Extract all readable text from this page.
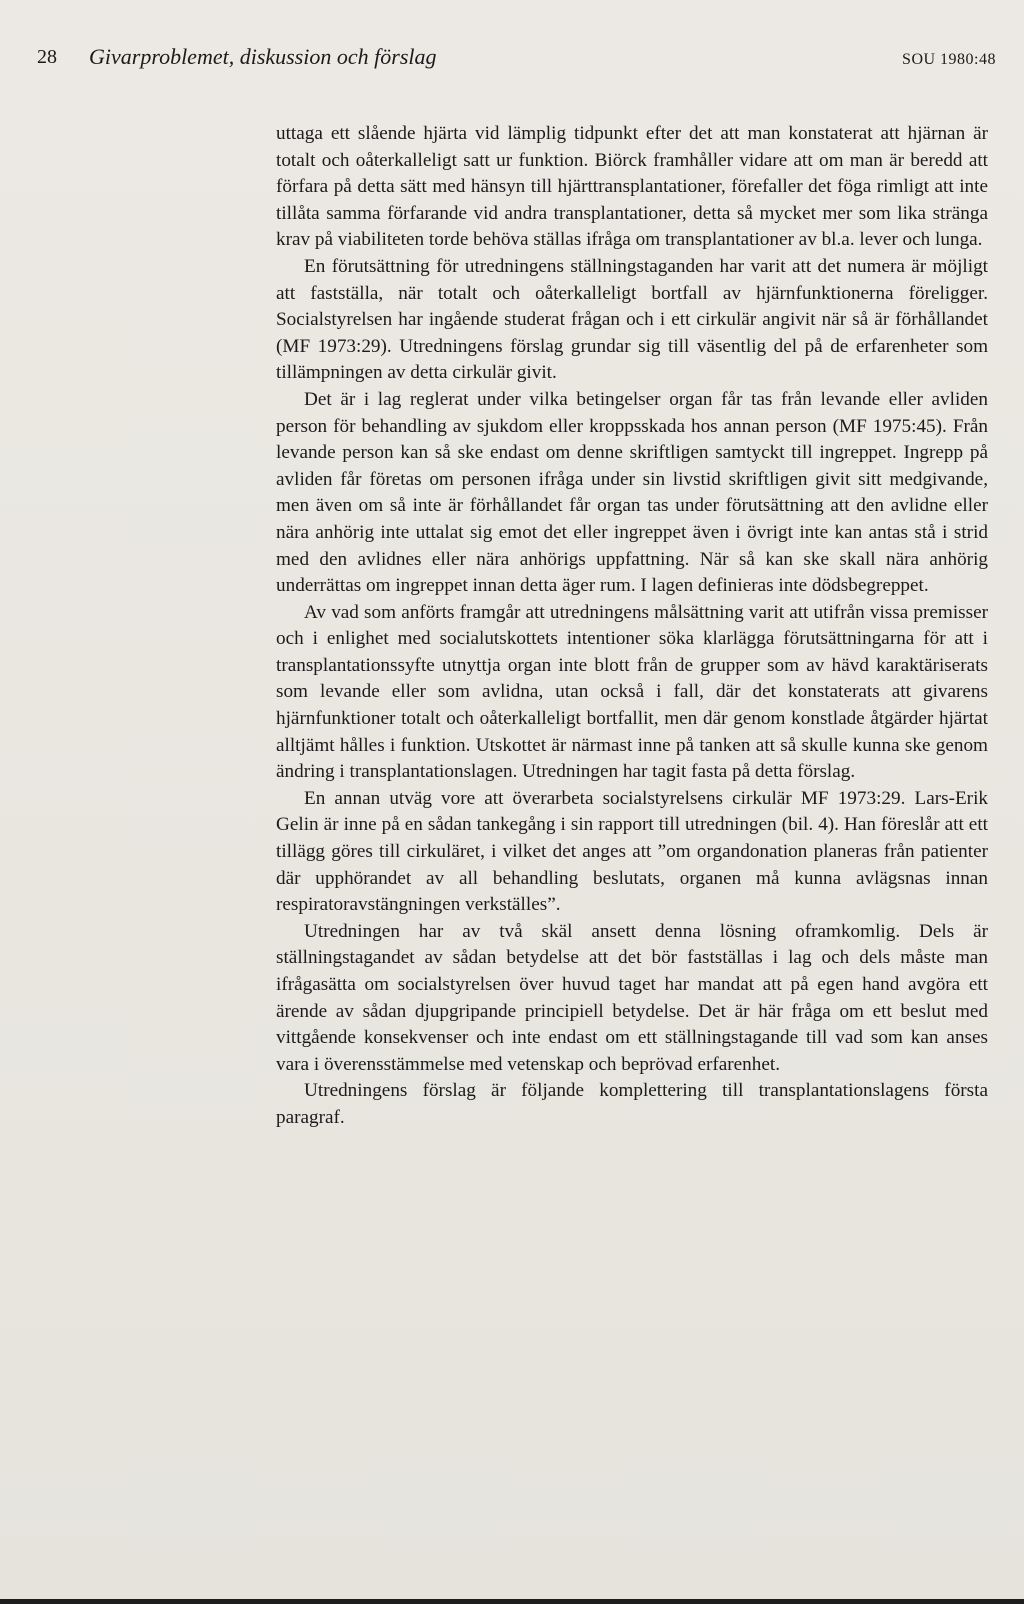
28 Givarproblemet, diskussion och förslag	SOU 1980:48

uttaga ett slående hjärta vid lämplig tidpunkt efter det att man konstaterat att hjärnan är totalt och oåterkalleligt satt ur funktion. Biörck framhåller vidare att om man är beredd att förfara på detta sätt med hänsyn till hjärttransplantationer, förefaller det föga rimligt att inte tillåta samma förfarande vid andra transplantationer, detta så mycket mer som lika stränga krav på viabiliteten torde behöva ställas ifråga om transplantationer av bl.a. lever och lunga.

En förutsättning för utredningens ställningstaganden har varit att det numera är möjligt att fastställa, när totalt och oåterkalleligt bortfall av hjärnfunktionerna föreligger. Socialstyrelsen har ingående studerat frågan och i ett cirkulär angivit när så är förhållandet (MF 1973:29). Utredningens förslag grundar sig till väsentlig del på de erfarenheter som tillämpningen av detta cirkulär givit.

Det är i lag reglerat under vilka betingelser organ får tas från levande eller avliden person för behandling av sjukdom eller kroppsskada hos annan person (MF 1975:45). Från levande person kan så ske endast om denne skriftligen samtyckt till ingreppet. Ingrepp på avliden får företas om personen ifråga under sin livstid skriftligen givit sitt medgivande, men även om så inte är förhållandet får organ tas under förutsättning att den avlidne eller nära anhörig inte uttalat sig emot det eller ingreppet även i övrigt inte kan antas stå i strid med den avlidnes eller nära anhörigs uppfattning. När så kan ske skall nära anhörig underrättas om ingreppet innan detta äger rum. I lagen definieras inte dödsbegreppet.

Av vad som anförts framgår att utredningens målsättning varit att utifrån vissa premisser och i enlighet med socialutskottets intentioner söka klarlägga förutsättningarna för att i transplantationssyfte utnyttja organ inte blott från de grupper som av hävd karaktäriserats som levande eller som avlidna, utan också i fall, där det konstaterats att givarens hjärnfunktioner totalt och oåterkalleligt bortfallit, men där genom konstlade åtgärder hjärtat alltjämt hålles i funktion. Utskottet är närmast inne på tanken att så skulle kunna ske genom ändring i transplantationslagen. Utredningen har tagit fasta på detta förslag.

En annan utväg vore att överarbeta socialstyrelsens cirkulär MF 1973:29. Lars-Erik Gelin är inne på en sådan tankegång i sin rapport till utredningen (bil. 4). Han föreslår att ett tillägg göres till cirkuläret, i vilket det anges att ”om organdonation planeras från patienter där upphörandet av all behandling beslutats, organen må kunna avlägsnas innan respiratoravstängningen verkställes”.

Utredningen har av två skäl ansett denna lösning oframkomlig. Dels är ställningstagandet av sådan betydelse att det bör fastställas i lag och dels måste man ifrågasätta om socialstyrelsen över huvud taget har mandat att på egen hand avgöra ett ärende av sådan djupgripande principiell betydelse. Det är här fråga om ett beslut med vittgående konsekvenser och inte endast om ett ställningstagande till vad som kan anses vara i överensstämmelse med vetenskap och beprövad erfarenhet.

Utredningens förslag är följande komplettering till transplantationslagens första paragraf.
